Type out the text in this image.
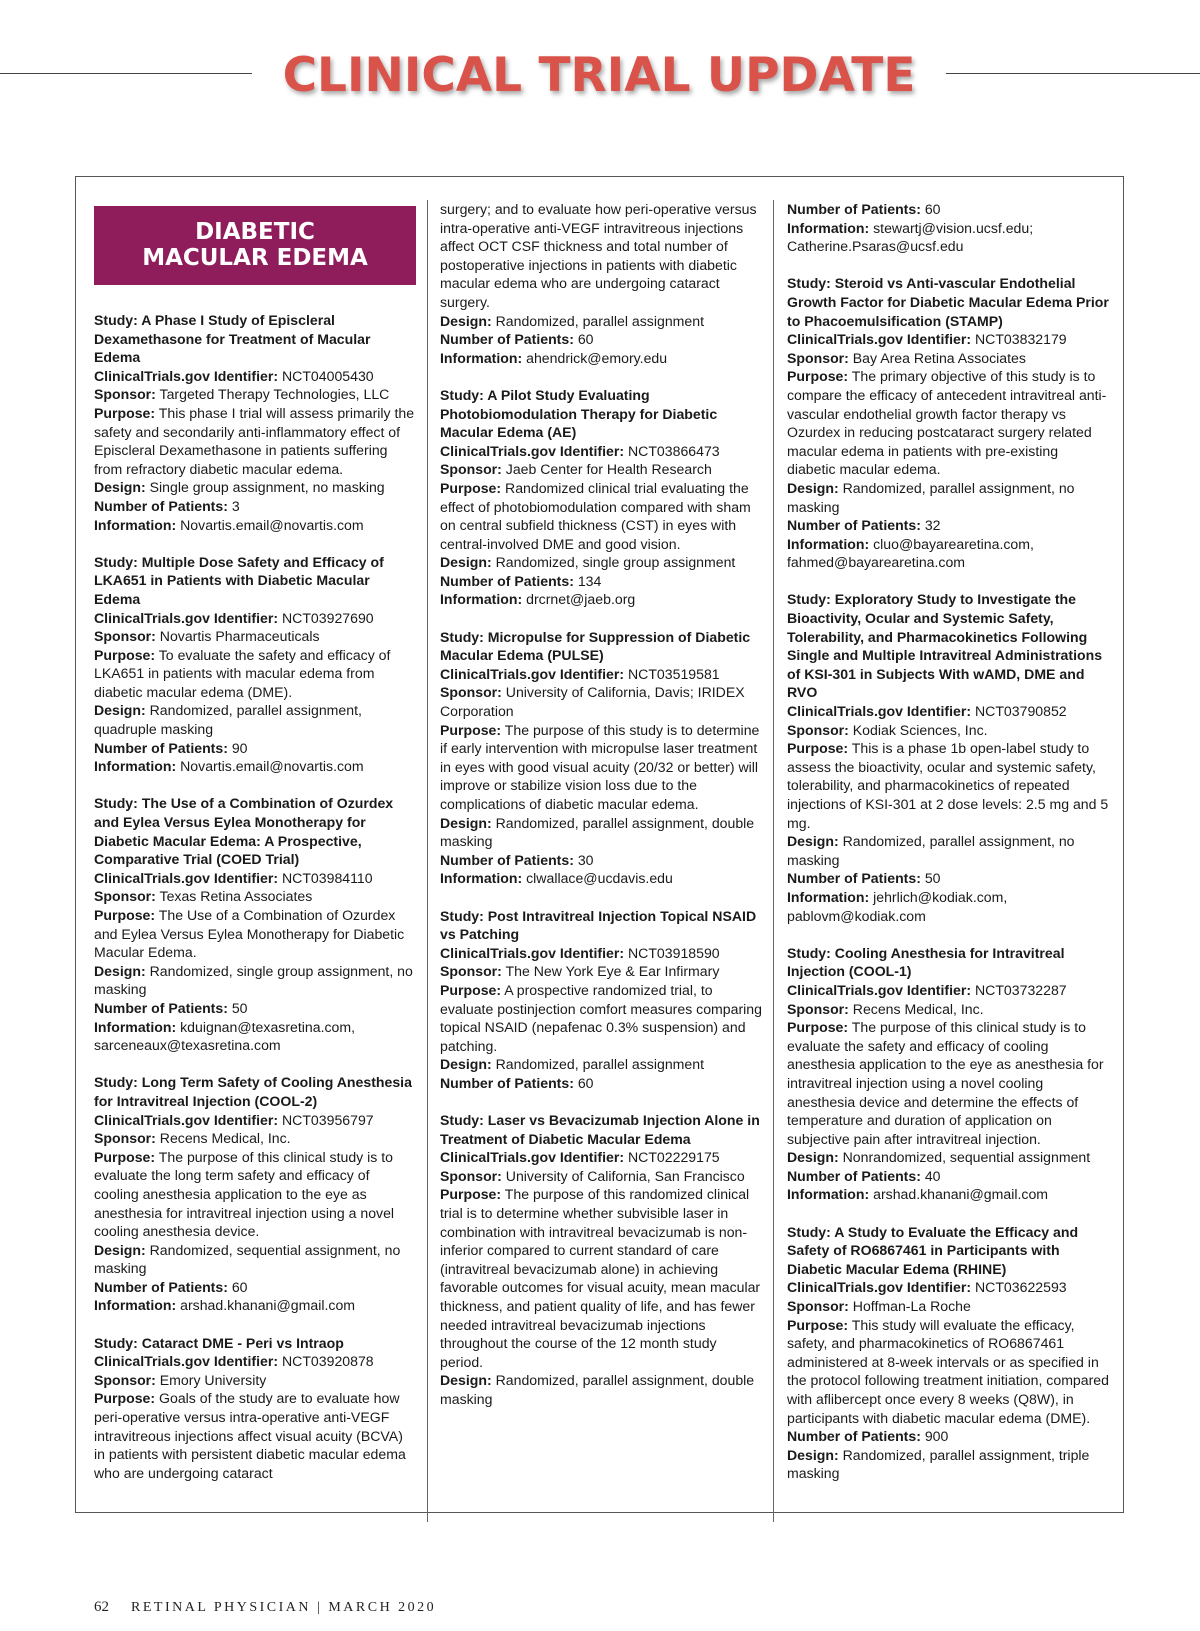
CLINICAL TRIAL UPDATE
DIABETIC
MACULAR EDEMA
Study: A Phase I Study of Episcleral Dexamethasone for Treatment of Macular Edema
ClinicalTrials.gov Identifier: NCT04005430
Sponsor: Targeted Therapy Technologies, LLC
Purpose: This phase I trial will assess primarily the safety and secondarily anti-inflammatory effect of Episcleral Dexamethasone in patients suffering from refractory diabetic macular edema.
Design: Single group assignment, no masking
Number of Patients: 3
Information: Novartis.email@novartis.com
Study: Multiple Dose Safety and Efficacy of LKA651 in Patients with Diabetic Macular Edema
ClinicalTrials.gov Identifier: NCT03927690
Sponsor: Novartis Pharmaceuticals
Purpose: To evaluate the safety and efficacy of LKA651 in patients with macular edema from diabetic macular edema (DME).
Design: Randomized, parallel assignment, quadruple masking
Number of Patients: 90
Information: Novartis.email@novartis.com
Study: The Use of a Combination of Ozurdex and Eylea Versus Eylea Monotherapy for Diabetic Macular Edema: A Prospective, Comparative Trial (COED Trial)
ClinicalTrials.gov Identifier: NCT03984110
Sponsor: Texas Retina Associates
Purpose: The Use of a Combination of Ozurdex and Eylea Versus Eylea Monotherapy for Diabetic Macular Edema.
Design: Randomized, single group assignment, no masking
Number of Patients: 50
Information: kduignan@texasretina.com, sarceneaux@texasretina.com
Study: Long Term Safety of Cooling Anesthesia for Intravitreal Injection (COOL-2)
ClinicalTrials.gov Identifier: NCT03956797
Sponsor: Recens Medical, Inc.
Purpose: The purpose of this clinical study is to evaluate the long term safety and efficacy of cooling anesthesia application to the eye as anesthesia for intravitreal injection using a novel cooling anesthesia device.
Design: Randomized, sequential assignment, no masking
Number of Patients: 60
Information: arshad.khanani@gmail.com
Study: Cataract DME - Peri vs Intraop
ClinicalTrials.gov Identifier: NCT03920878
Sponsor: Emory University
Purpose: Goals of the study are to evaluate how peri-operative versus intra-operative anti-VEGF intravitreous injections affect visual acuity (BCVA) in patients with persistent diabetic macular edema who are undergoing cataract
surgery; and to evaluate how peri-operative versus intra-operative anti-VEGF intravitreous injections affect OCT CSF thickness and total number of postoperative injections in patients with diabetic macular edema who are undergoing cataract surgery.
Design: Randomized, parallel assignment
Number of Patients: 60
Information: ahendrick@emory.edu
Study: A Pilot Study Evaluating Photobiomodulation Therapy for Diabetic Macular Edema (AE)
ClinicalTrials.gov Identifier: NCT03866473
Sponsor: Jaeb Center for Health Research
Purpose: Randomized clinical trial evaluating the effect of photobiomodulation compared with sham on central subfield thickness (CST) in eyes with central-involved DME and good vision.
Design: Randomized, single group assignment
Number of Patients: 134
Information: drcrnet@jaeb.org
Study: Micropulse for Suppression of Diabetic Macular Edema (PULSE)
ClinicalTrials.gov Identifier: NCT03519581
Sponsor: University of California, Davis; IRIDEX Corporation
Purpose: The purpose of this study is to determine if early intervention with micropulse laser treatment in eyes with good visual acuity (20/32 or better) will improve or stabilize vision loss due to the complications of diabetic macular edema.
Design: Randomized, parallel assignment, double masking
Number of Patients: 30
Information: clwallace@ucdavis.edu
Study: Post Intravitreal Injection Topical NSAID vs Patching
ClinicalTrials.gov Identifier: NCT03918590
Sponsor: The New York Eye & Ear Infirmary
Purpose: A prospective randomized trial, to evaluate postinjection comfort measures comparing topical NSAID (nepafenac 0.3% suspension) and patching.
Design: Randomized, parallel assignment
Number of Patients: 60
Study: Laser vs Bevacizumab Injection Alone in Treatment of Diabetic Macular Edema
ClinicalTrials.gov Identifier: NCT02229175
Sponsor: University of California, San Francisco
Purpose: The purpose of this randomized clinical trial is to determine whether subvisible laser in combination with intravitreal bevacizumab is non-inferior compared to current standard of care (intravitreal bevacizumab alone) in achieving favorable outcomes for visual acuity, mean macular thickness, and patient quality of life, and has fewer needed intravitreal bevacizumab injections throughout the course of the 12 month study period.
Design: Randomized, parallel assignment, double masking
Number of Patients: 60
Information: stewartj@vision.ucsf.edu; Catherine.Psaras@ucsf.edu
Study: Steroid vs Anti-vascular Endothelial Growth Factor for Diabetic Macular Edema Prior to Phacoemulsification (STAMP)
ClinicalTrials.gov Identifier: NCT03832179
Sponsor: Bay Area Retina Associates
Purpose: The primary objective of this study is to compare the efficacy of antecedent intravitreal anti-vascular endothelial growth factor therapy vs Ozurdex in reducing postcataract surgery related macular edema in patients with pre-existing diabetic macular edema.
Design: Randomized, parallel assignment, no masking
Number of Patients: 32
Information: cluo@bayarearetina.com, fahmed@bayarearetina.com
Study: Exploratory Study to Investigate the Bioactivity, Ocular and Systemic Safety, Tolerability, and Pharmacokinetics Following Single and Multiple Intravitreal Administrations of KSI-301 in Subjects With wAMD, DME and RVO
ClinicalTrials.gov Identifier: NCT03790852
Sponsor: Kodiak Sciences, Inc.
Purpose: This is a phase 1b open-label study to assess the bioactivity, ocular and systemic safety, tolerability, and pharmacokinetics of repeated injections of KSI-301 at 2 dose levels: 2.5 mg and 5 mg.
Design: Randomized, parallel assignment, no masking
Number of Patients: 50
Information: jehrlich@kodiak.com, pablovm@kodiak.com
Study: Cooling Anesthesia for Intravitreal Injection (COOL-1)
ClinicalTrials.gov Identifier: NCT03732287
Sponsor: Recens Medical, Inc.
Purpose: The purpose of this clinical study is to evaluate the safety and efficacy of cooling anesthesia application to the eye as anesthesia for intravitreal injection using a novel cooling anesthesia device and determine the effects of temperature and duration of application on subjective pain after intravitreal injection.
Design: Nonrandomized, sequential assignment
Number of Patients: 40
Information: arshad.khanani@gmail.com
Study: A Study to Evaluate the Efficacy and Safety of RO6867461 in Participants with Diabetic Macular Edema (RHINE)
ClinicalTrials.gov Identifier: NCT03622593
Sponsor: Hoffman-La Roche
Purpose: This study will evaluate the efficacy, safety, and pharmacokinetics of RO6867461 administered at 8-week intervals or as specified in the protocol following treatment initiation, compared with aflibercept once every 8 weeks (Q8W), in participants with diabetic macular edema (DME).
Number of Patients: 900
Design: Randomized, parallel assignment, triple masking
62 RETINAL PHYSICIAN | MARCH 2020
